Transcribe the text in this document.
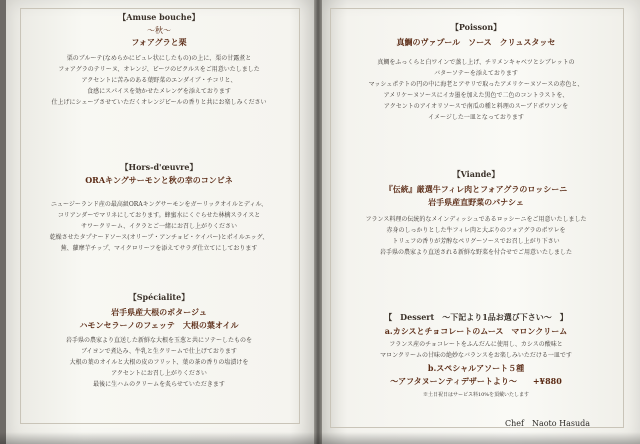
【Amuse bouche】
〜秋〜
フォアグラと栗
栗のブルーテ(なめらかにピュレ状にしたもの)の上に、栗の甘露煮と
フォアグラのテリーヌ、オレンジ、ビーツのピクルスをご用意いたしました
アクセントに苦みのある葉野菜のエンダイブ・チコリと、
食感にスパイスを効かせたメレンゲを添えております
仕上げにシェーブさせていただくオレンジピールの香りと共にお楽しみください
【Hors-d'œuvre】
ORAキングサーモンと秋の幸のコンビネ
ニュージーランド産の最高級ORAキングサーモンをガーリックオイルとディル、
コリアンダーでマリネにしております。蜂蜜水にくぐらせた林檎スライスと
サワークリーム、イクラとご一緒にお召し上がりください
乾燥させたタプナードソース(オリーブ・アンチョビ・ケイパー)とポイルエッグ、
蕪、蘿摩芋チップ、マイクロリーフを添えてサラダ仕立てにしております
【Spécialite】
岩手県産大根のポタージュ
ハモンセラーノのフェッテ　大根の葉オイル
岩手県の農家より直送した新鮮な大根を玉葱と共にソテーしたものを
ブイヨンで煮込み、牛乳と生クリームで仕上げております
大根の葉のオイルと大根の皮のフリット、葉の茶の香りの塩漬けを
アクセントにお召し上がりください
最後に生ハムのクリームを炙らせていただきます
【Poisson】
真鯛のヴァプール　ソース　クリュスタッセ
真鯛をふっくらと白ワインで蒸し上げ、チリメンキャベツとシブレットの
バターソテーを添えております
マッシュポテトの円の中に海老とアサリで取ったアメリケーヌソースの赤色と、
アメリケーヌソースにイカ墨を加えた黒色で二色のコントラストを、
アクセントのアイオリソースで南瓜の種と料理のスーブドポワソンを
イメージした一皿となっております
【Viande】
『伝統』厳選牛フィレ肉とフォアグラのロッシーニ
岩手県産直野菜のパナシェ
フランス料理の伝統的なメインディッシュであるロッシーニをご用意いたしました
赤身のしっかりとした牛フィレ肉と大ぶりのフォアグラのポワレを
トリュフの香りが芳醇なペリグーソースでお召し上がり下さい
岩手県の農家より直送される新鮮な野菜を付合せでご用意いたしました
【　Dessert　〜下記より1品お選び下さい〜　】
a.カシスとチョコレートのムース　マロンクリーム
フランス産のチョコレートをふんだんに使用し、カシスの酸味と
マロンクリームの甘味の絶妙なバランスをお楽しみいただける一皿です
b.スペシャルアソート５種
〜アフタヌーンティデザートより〜　　+¥880
※土日祝日はサービス料10%を頂戴いたします
Chef　Naoto Hasuda
